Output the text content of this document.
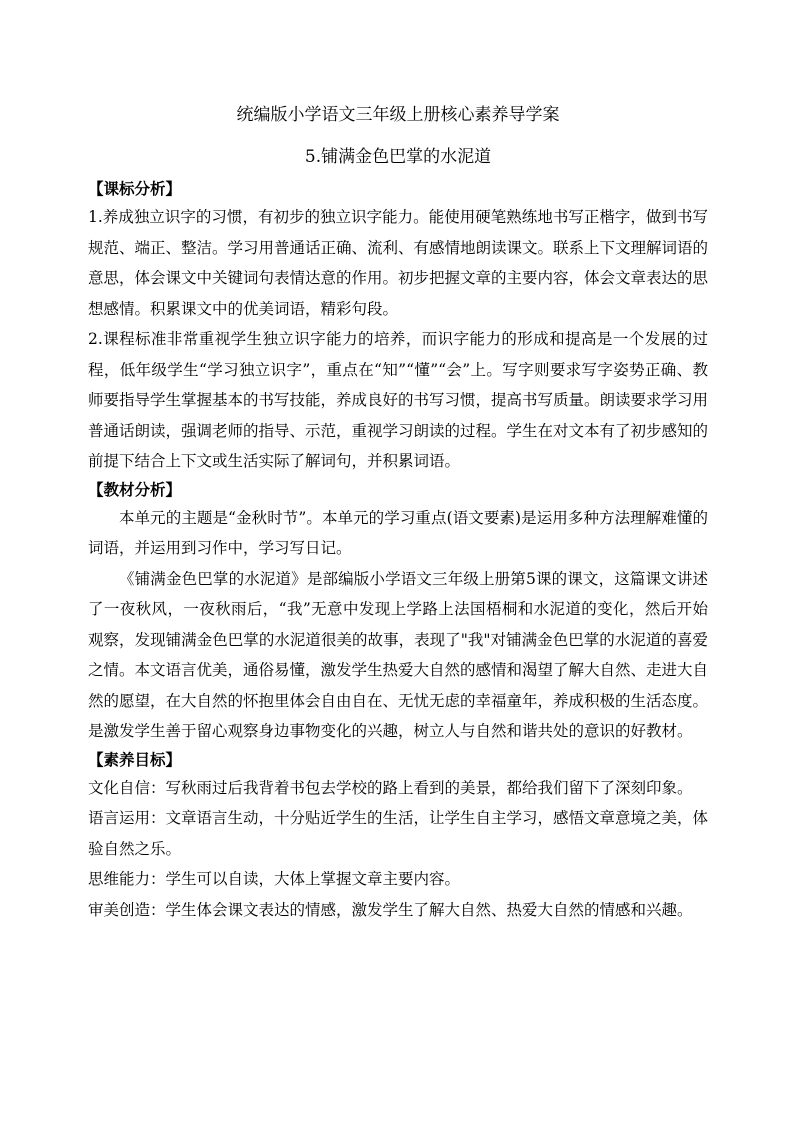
统编版小学语文三年级上册核心素养导学案
5.铺满金色巴掌的水泥道
【课标分析】

1.养成独立识字的习惯，有初步的独立识字能力。能使用硬笔熟练地书写正楷字，做到书写规范、端正、整洁。学习用普通话正确、流利、有感情地朗读课文。联系上下文理解词语的意思，体会课文中关键词句表情达意的作用。初步把握文章的主要内容，体会文章表达的思想感情。积累课文中的优美词语，精彩句段。

2.课程标准非常重视学生独立识字能力的培养，而识字能力的形成和提高是一个发展的过程，低年级学生“学习独立识字”，重点在“知”“懂”“会”上。写字则要求写字姿势正确、教师要指导学生掌握基本的书写技能，养成良好的书写习惯，提高书写质量。朗读要求学习用普通话朗读，强调老师的指导、示范，重视学习朗读的过程。学生在对文本有了初步感知的前提下结合上下文或生活实际了解词句，并积累词语。

【教材分析】

本单元的主题是“金秋时节”。本单元的学习重点(语文要素)是运用多种方法理解难懂的词语，并运用到习作中，学习写日记。

《铺满金色巴掌的水泥道》是部编版小学语文三年级上册第5课的课文，这篇课文讲述了一夜秋风，一夜秋雨后，“我”无意中发现上学路上法国梧桐和水泥道的变化，然后开始观察，发现铺满金色巴掌的水泥道很美的故事，表现了"我"对铺满金色巴掌的水泥道的喜爱之情。本文语言优美，通俗易懂，激发学生热爱大自然的感情和渴望了解大自然、走进大自然的愿望，在大自然的怀抱里体会自由自在、无忧无虑的幸福童年，养成积极的生活态度。是激发学生善于留心观察身边事物变化的兴趣，树立人与自然和谐共处的意识的好教材。

【素养目标】

文化自信：写秋雨过后我背着书包去学校的路上看到的美景，都给我们留下了深刻印象。

语言运用：文章语言生动，十分贴近学生的生活，让学生自主学习，感悟文章意境之美，体验自然之乐。

思维能力：学生可以自读，大体上掌握文章主要内容。

审美创造：学生体会课文表达的情感，激发学生了解大自然、热爱大自然的情感和兴趣。
